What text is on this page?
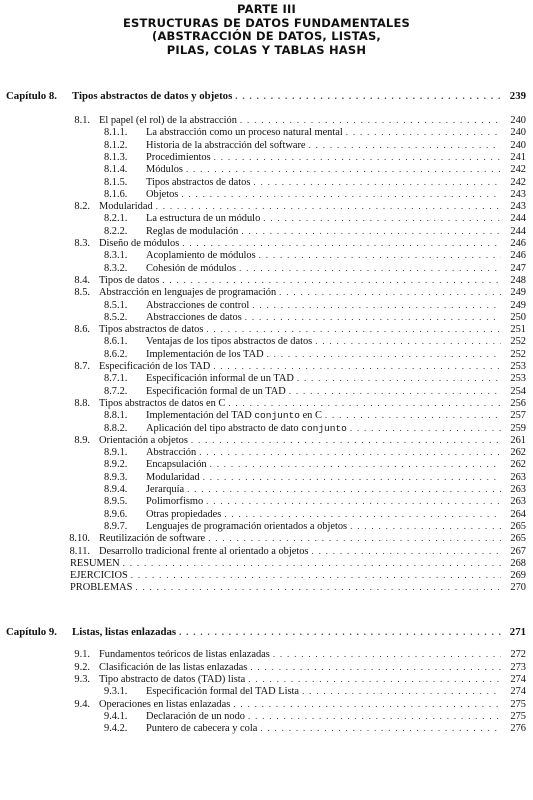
PARTE III
ESTRUCTURAS DE DATOS FUNDAMENTALES
(ABSTRACCIÓN DE DATOS, LISTAS,
PILAS, COLAS Y TABLAS HASH
Capítulo 8.	Tipos abstractos de datos y objetos . . .	239
8.1. El papel (el rol) de la abstracción . . .	240
8.1.1.	La abstracción como un proceso natural mental . . .	240
8.1.2.	Historia de la abstracción del software . . .	240
8.1.3.	Procedimientos . . .	241
8.1.4.	Módulos . . .	242
8.1.5.	Tipos abstractos de datos . . .	242
8.1.6.	Objetos . . .	243
8.2. Modularidad . . .	243
8.2.1.	La estructura de un módulo . . .	244
8.2.2.	Reglas de modulación . . .	244
8.3. Diseño de módulos . . .	246
8.3.1.	Acoplamiento de módulos . . .	246
8.3.2.	Cohesión de módulos . . .	247
8.4. Tipos de datos . . .	248
8.5. Abstracción en lenguajes de programación . . .	249
8.5.1.	Abstracciones de control . . .	249
8.5.2.	Abstracciones de datos . . .	250
8.6. Tipos abstractos de datos . . .	251
8.6.1.	Ventajas de los tipos abstractos de datos . . .	252
8.6.2.	Implementación de los TAD . . .	252
8.7. Especificación de los TAD . . .	253
8.7.1.	Especificación informal de un TAD . . .	253
8.7.2.	Especificación formal de un TAD . . .	254
8.8. Tipos abstractos de datos en C . . .	256
8.8.1.	Implementación del TAD conjunto en C . . .	257
8.8.2.	Aplicación del tipo abstracto de dato conjunto . . .	259
8.9. Orientación a objetos . . .	261
8.9.1.	Abstracción . . .	262
8.9.2.	Encapsulación . . .	262
8.9.3.	Modularidad . . .	263
8.9.4.	Jerarquía . . .	263
8.9.5.	Polimorfismo . . .	263
8.9.6.	Otras propiedades . . .	264
8.9.7.	Lenguajes de programación orientados a objetos . . .	265
8.10. Reutilización de software . . .	265
8.11. Desarrollo tradicional frente al orientado a objetos . . .	267
RESUMEN . . .	268
EJERCICIOS . . .	269
PROBLEMAS . . .	270
Capítulo 9.	Listas, listas enlazadas . . .	271
9.1. Fundamentos teóricos de listas enlazadas . . .	272
9.2. Clasificación de las listas enlazadas . . .	273
9.3. Tipo abstracto de datos (TAD) lista . . .	274
9.3.1.	Especificación formal del TAD Lista . . .	274
9.4. Operaciones en listas enlazadas . . .	275
9.4.1.	Declaración de un nodo . . .	275
9.4.2.	Puntero de cabecera y cola . . .	276
